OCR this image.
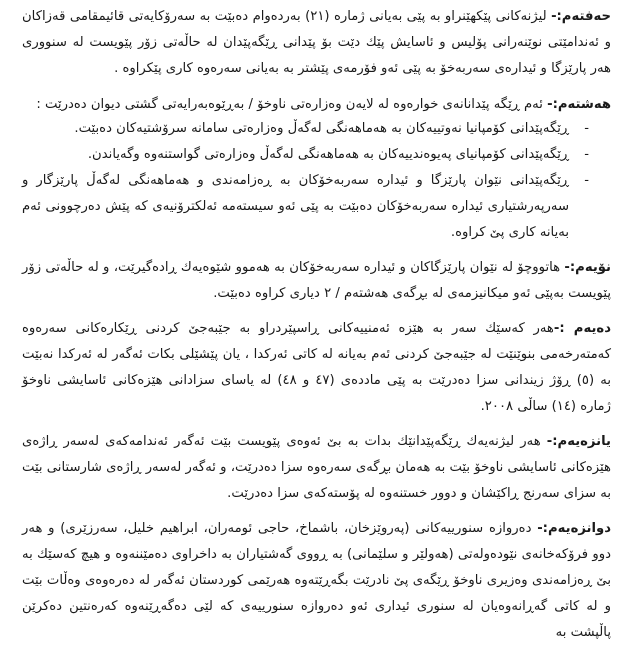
حەفتەم:- لیژنەکانی پێکهێنراو بە پێی بەیانی ژمارە (٢١) بەردەوام دەبێت بە سەرۆکایەتی قائیمقامی قەزاکان و ئەندامێتی نوێنەرانی پۆلیس و ئاسایش پێك دێت بۆ پێدانی ڕێگەپێدان لە حاڵەتی زۆر پێویست لە سنووری هەر پارێزگا و ئیدارەی سەربەخۆ بە پێی ئەو فۆرمەی پێشتر بە بەیانی سەرەوە کاری پێکراوە .

هەشتەم:- ئەم ڕێگە پێدانانەی خوارەوە لە لایەن وەزارەتی ناوخۆ / بەڕێوەبەرایەتی گشتی دیوان دەدرێت :

-
ڕێگەپێدانی کۆمپانیا نەوتییەکان بە هەماهەنگی لەگەڵ وەزارەتی سامانە سرۆشتیەکان دەبێت.
-
ڕێگەپێدانی کۆمپانیای پەیوەندییەکان بە هەماهەنگی لەگەڵ وەزارەتی گواستنەوە وگەیاندن.
-
ڕێگەپێدانی نێوان پارێزگا و ئیدارە سەربەخۆکان بە ڕەزامەندی و هەماهەنگی لەگەڵ پارێزگار و سەرپەرشتیاری ئیدارە سەربەخۆکان دەبێت بە پێی ئەو سیستەمە ئەلکترۆنیەی کە پێش دەرچوونی ئەم بەیانە کاری پێ کراوە.

نۆیەم:- هاتووچۆ لە نێوان پارێزگاکان و ئیدارە سەربەخۆکان بە هەموو شێوەیەك ڕادەگیرێت، و لە حاڵەتی زۆر پێویست بەپێی ئەو میکانیزمەی لە بڕگەی هەشتەم / ٢ دیاری کراوە دەبێت.

دەیەم :-هەر کەسێك سەر بە هێزە ئەمنییەکانی ڕاسپێردراو بە جێبەجێ کردنی ڕێکارەکانی سەرەوە کەمتەرخەمی بنوێنێت لە جێبەجێ کردنی ئەم بەیانە لە کاتی ئەرکدا ، یان پێشێلی بکات ئەگەر لە ئەرکدا نەبێت بە (٥) ڕۆژ زیندانی سزا دەدرێت بە پێی ماددەی (٤٧ و ٤٨) لە یاسای سزادانی هێزەکانی ئاسایشی ناوخۆ ژمارە (١٤) ساڵی ٢٠٠٨.

یانزەیەم:- هەر لیژنەیەك ڕێگەپێدانێك بدات بە بێ ئەوەی پێویست بێت ئەگەر ئەندامەکەی لەسەر ڕاژەی هێزەکانی ئاسایشی ناوخۆ بێت بە هەمان بڕگەی سەرەوە سزا دەدرێت، و ئەگەر لەسەر ڕاژەی شارستانی بێت بە سزای سەرنج ڕاکێشان و دوور خستنەوە لە پۆستەکەی سزا دەدرێت.

دوانزەیەم:- دەروازە سنورییەکانی (پەروێزخان، باشماخ، حاجی ئومەران، ابراهیم خلیل، سەرزێری) و هەر دوو فرۆکەخانەی نێودەولەتی (هەولێر و سلێمانی) بە ڕووی گەشتیاران بە داخراوی دەمێننەوە و هیچ کەسێك بە بێ ڕەزامەندی وەزیری ناوخۆ ڕێگەی پێ نادرێت بگەڕێتەوە هەرێمی کوردستان ئەگەر لە دەرەوەی وەڵات بێت و لە کاتی گەڕانەوەیان لە سنوری ئیداری ئەو دەروازە سنورییەی کە لێی دەگەڕێنەوە کەرەنتین دەکرێن پاڵپشت بە
